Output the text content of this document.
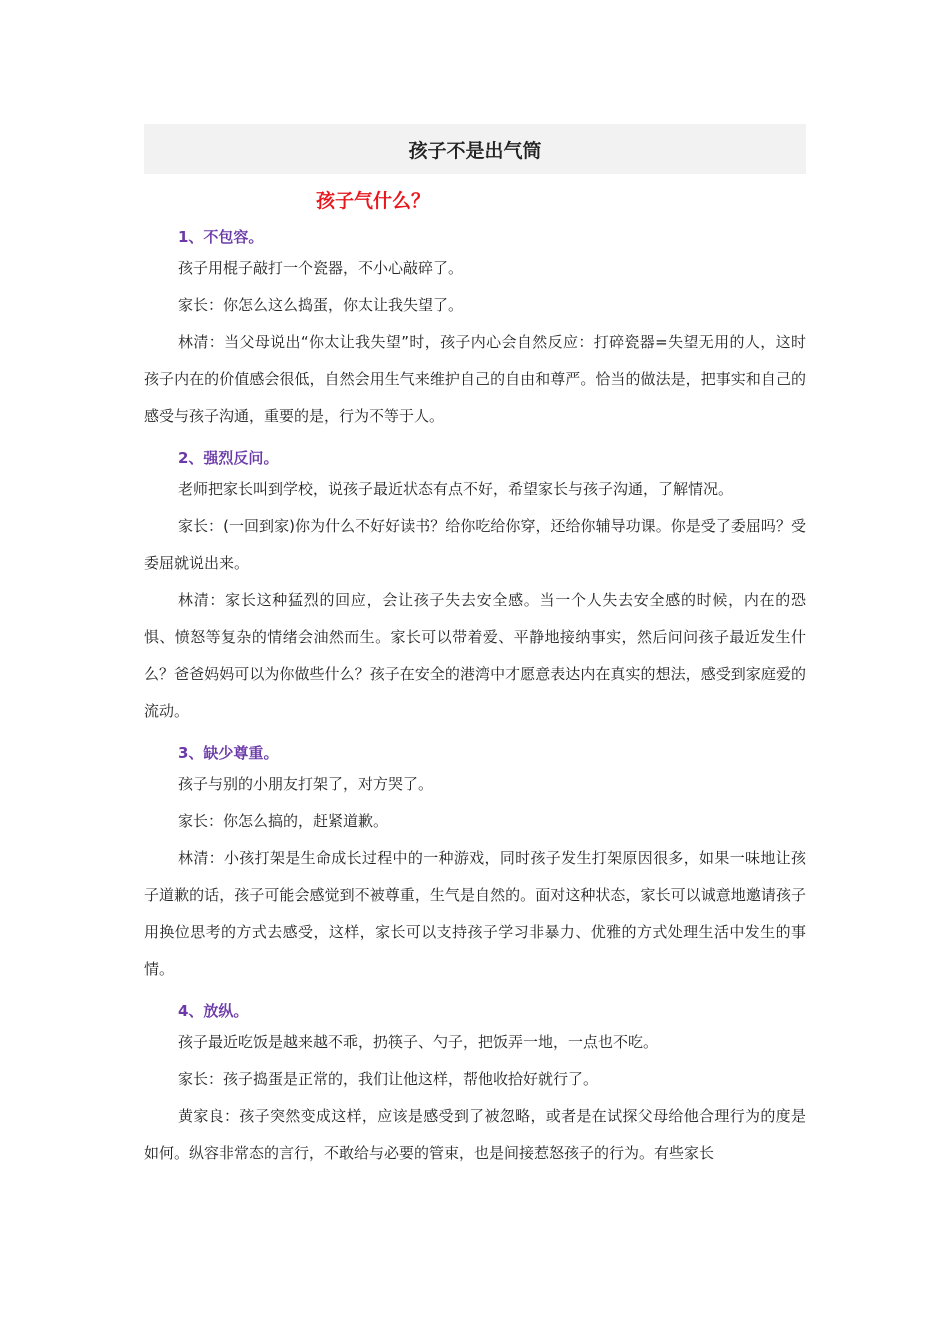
孩子不是出气筒
孩子气什么？
1、不包容。

孩子用棍子敲打一个瓷器，不小心敲碎了。

家长：你怎么这么捣蛋，你太让我失望了。

林清：当父母说出“你太让我失望”时，孩子内心会自然反应：打碎瓷器=失望无用的人，这时孩子内在的价值感会很低，自然会用生气来维护自己的自由和尊严。恰当的做法是，把事实和自己的感受与孩子沟通，重要的是，行为不等于人。

2、强烈反问。

老师把家长叫到学校，说孩子最近状态有点不好，希望家长与孩子沟通，了解情况。

家长：(一回到家)你为什么不好好读书？给你吃给你穿，还给你辅导功课。你是受了委屈吗？受委屈就说出来。

林清：家长这种猛烈的回应，会让孩子失去安全感。当一个人失去安全感的时候，内在的恐惧、愤怒等复杂的情绪会油然而生。家长可以带着爱、平静地接纳事实，然后问问孩子最近发生什么？爸爸妈妈可以为你做些什么？孩子在安全的港湾中才愿意表达内在真实的想法，感受到家庭爱的流动。

3、缺少尊重。

孩子与别的小朋友打架了，对方哭了。

家长：你怎么搞的，赶紧道歉。

林清：小孩打架是生命成长过程中的一种游戏，同时孩子发生打架原因很多，如果一味地让孩子道歉的话，孩子可能会感觉到不被尊重，生气是自然的。面对这种状态，家长可以诚意地邀请孩子用换位思考的方式去感受，这样，家长可以支持孩子学习非暴力、优雅的方式处理生活中发生的事情。

4、放纵。

孩子最近吃饭是越来越不乖，扔筷子、勺子，把饭弄一地，一点也不吃。

家长：孩子捣蛋是正常的，我们让他这样，帮他收拾好就行了。

黄家良：孩子突然变成这样，应该是感受到了被忽略，或者是在试探父母给他合理行为的度是如何。纵容非常态的言行，不敢给与必要的管束，也是间接惹怒孩子的行为。有些家长
